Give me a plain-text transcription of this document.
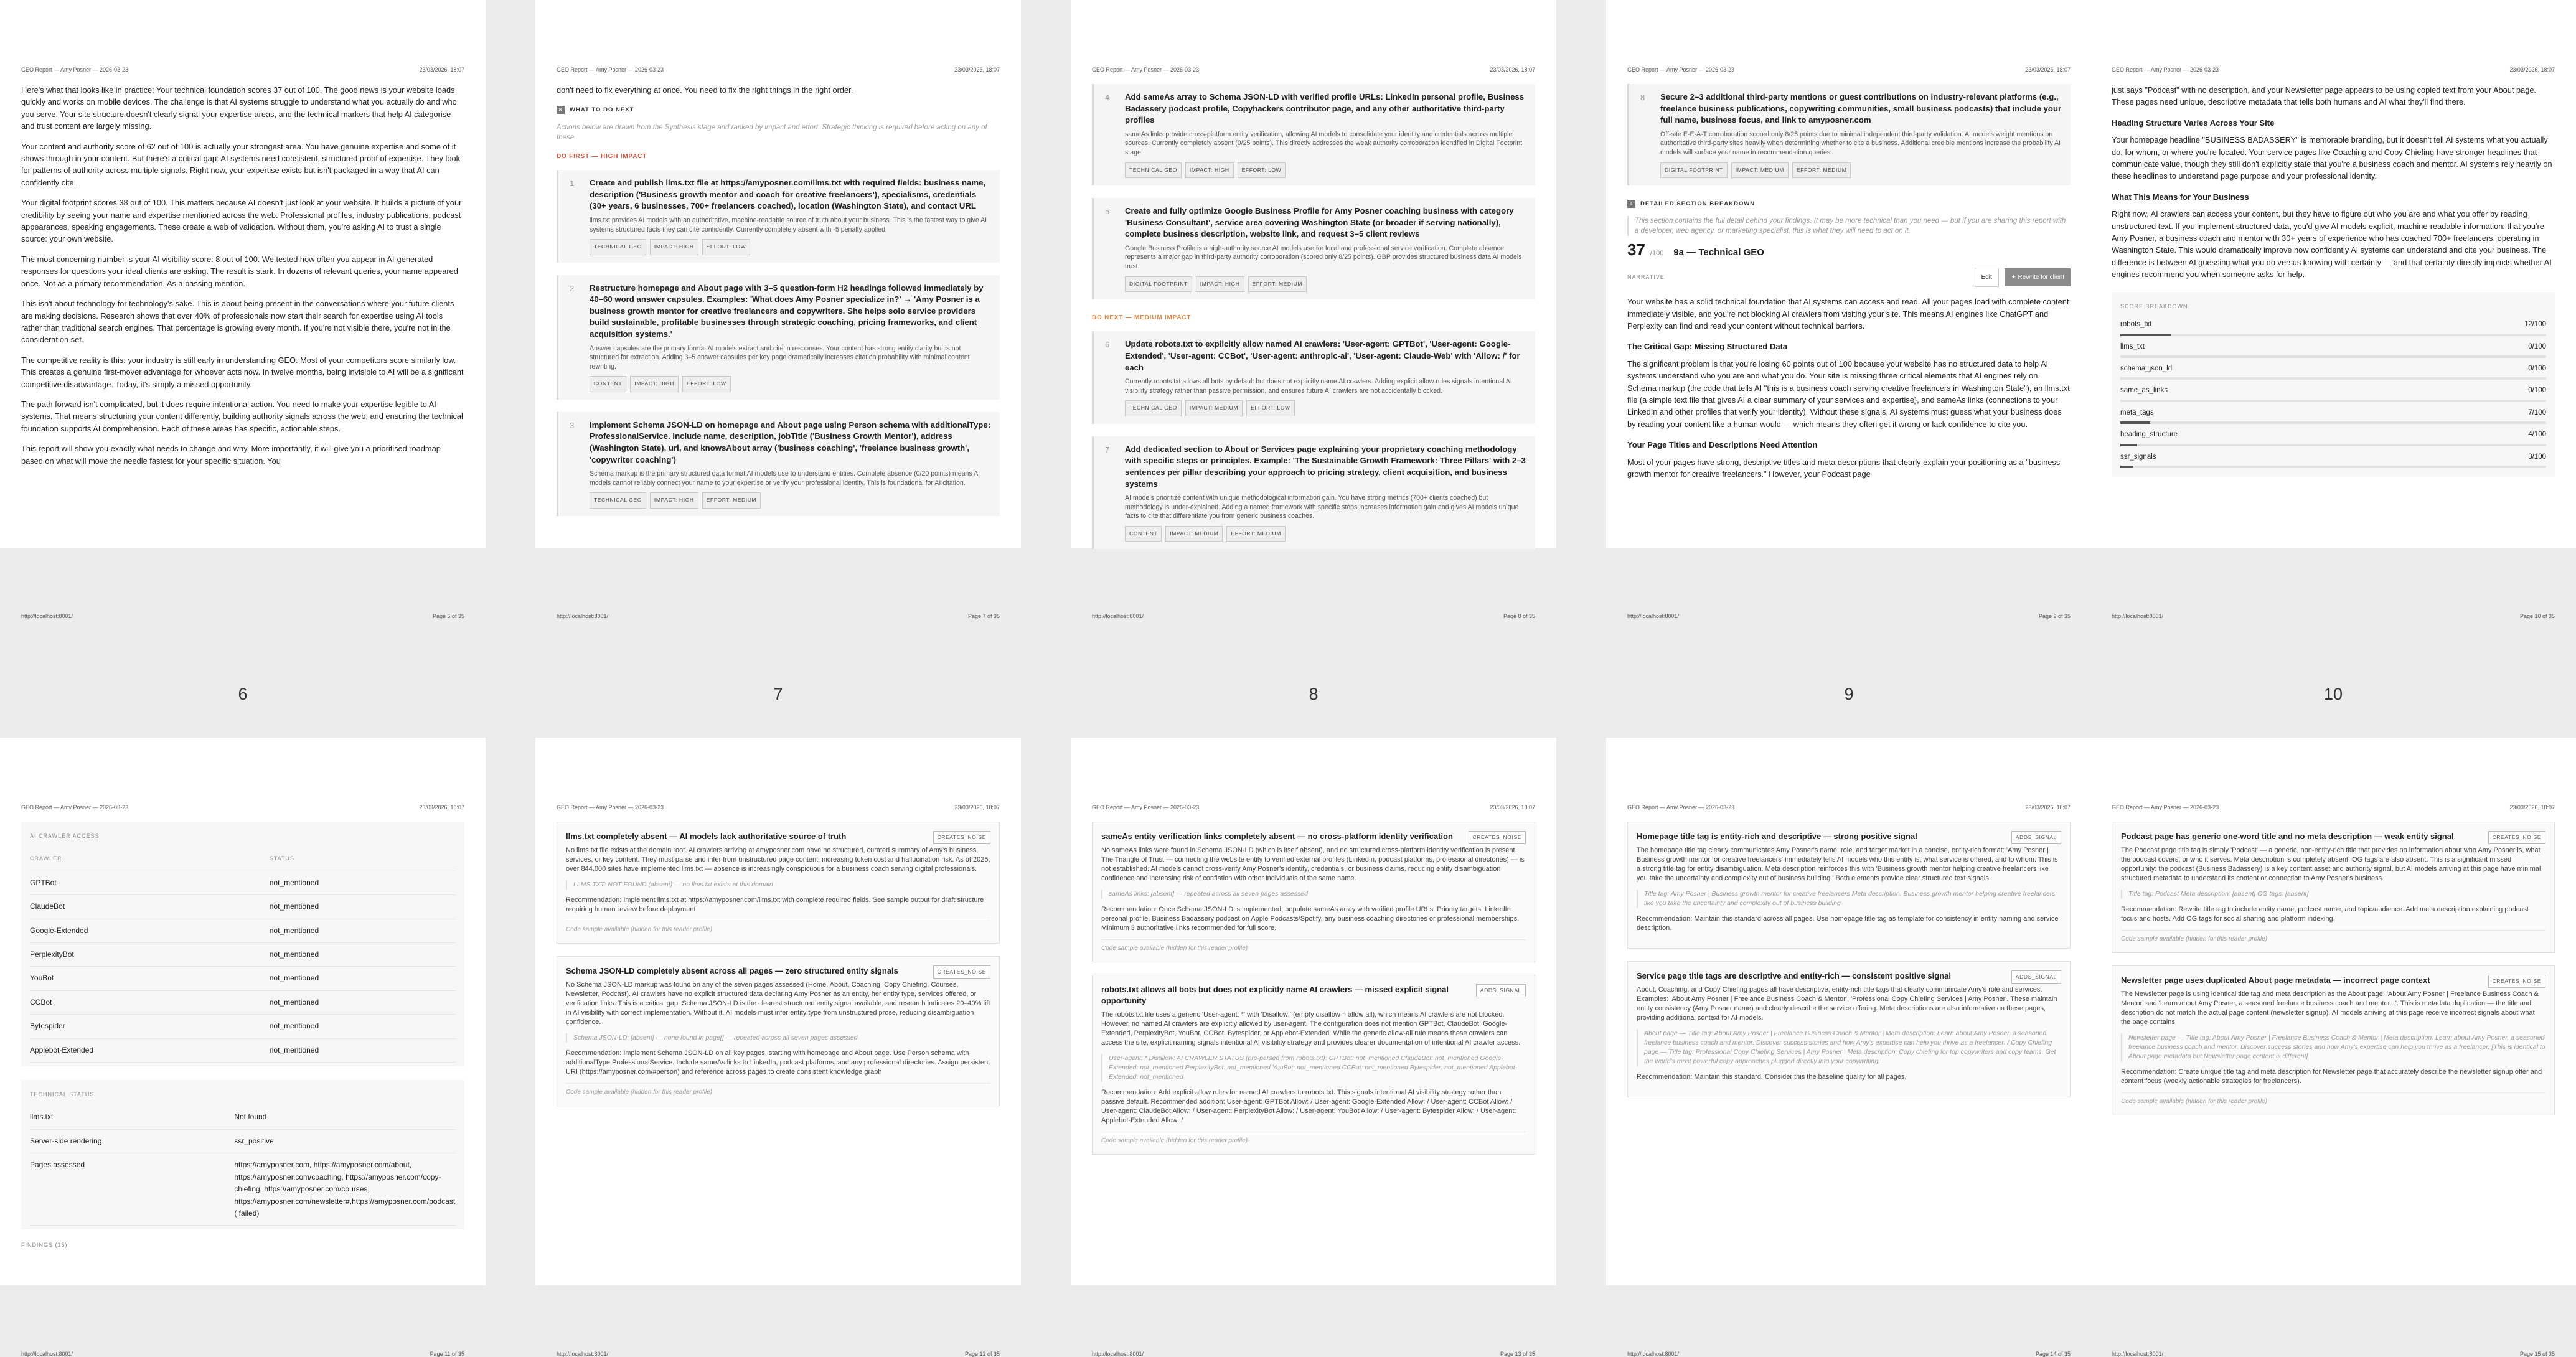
GEO Report — Amy Posner — 2026-03-23	23/03/2026, 18:07

Here's what that looks like in practice: Your technical foundation scores 37 out of 100. The good news is your website loads quickly and works on mobile devices. The challenge is that AI systems struggle to understand what you actually do and who you serve. Your site structure doesn't clearly signal your expertise areas, and the technical markers that help AI categorise and trust content are largely missing.

Your content and authority score of 62 out of 100 is actually your strongest area. You have genuine expertise and some of it shows through in your content. But there's a critical gap: AI systems need consistent, structured proof of expertise. They look for patterns of authority across multiple signals. Right now, your expertise exists but isn't packaged in a way that AI can confidently cite.

Your digital footprint scores 38 out of 100. This matters because AI doesn't just look at your website. It builds a picture of your credibility by seeing your name and expertise mentioned across the web. Professional profiles, industry publications, podcast appearances, speaking engagements. These create a web of validation. Without them, you're asking AI to trust a single source: your own website.

The most concerning number is your AI visibility score: 8 out of 100. We tested how often you appear in AI-generated responses for questions your ideal clients are asking. The result is stark. In dozens of relevant queries, your name appeared once. Not as a primary recommendation. As a passing mention.

This isn't about technology for technology's sake. This is about being present in the conversations where your future clients are making decisions. Research shows that over 40% of professionals now start their search for expertise using AI tools rather than traditional search engines. That percentage is growing every month. If you're not visible there, you're not in the consideration set.

The competitive reality is this: your industry is still early in understanding GEO. Most of your competitors score similarly low. This creates a genuine first-mover advantage for whoever acts now. In twelve months, being invisible to AI will be a significant competitive disadvantage. Today, it's simply a missed opportunity.

The path forward isn't complicated, but it does require intentional action. You need to make your expertise legible to AI systems. That means structuring your content differently, building authority signals across the web, and ensuring the technical foundation supports AI comprehension. Each of these areas has specific, actionable steps.

This report will show you exactly what needs to change and why. More importantly, it will give you a prioritised roadmap based on what will move the needle fastest for your specific situation. You

http://localhost:8001/	Page 5 of 35
6
GEO Report — Amy Posner — 2026-03-23	23/03/2026, 18:07

don't need to fix everything at once. You need to fix the right things in the right order.

8 WHAT TO DO NEXT

Actions below are drawn from the Synthesis stage and ranked by impact and effort. Strategic thinking is required before acting on any of these.

DO FIRST — HIGH IMPACT
1 Create and publish llms.txt file at https://amyposner.com/llms.txt with required fields: business name, description ('Business growth mentor and coach for creative freelancers'), specialisms, credentials (30+ years, 6 businesses, 700+ freelancers coached), location (Washington State), and contact URL
llms.txt provides AI models with an authoritative, machine-readable source of truth about your business. This is the fastest way to give AI systems structured facts they can cite confidently. Currently completely absent with -5 penalty applied.
TECHNICAL GEO IMPACT: HIGH EFFORT: LOW
2 Restructure homepage and About page with 3–5 question-form H2 headings followed immediately by 40–60 word answer capsules. Examples: 'What does Amy Posner specialize in?' → 'Amy Posner is a business growth mentor for creative freelancers and copywriters. She helps solo service providers build sustainable, profitable businesses through strategic coaching, pricing frameworks, and client acquisition systems.'
Answer capsules are the primary format AI models extract and cite in responses. Your content has strong entity clarity but is not structured for extraction. Adding 3–5 answer capsules per key page dramatically increases citation probability with minimal content rewriting.
CONTENT IMPACT: HIGH EFFORT: LOW
3 Implement Schema JSON-LD on homepage and About page using Person schema with additionalType: ProfessionalService. Include name, description, jobTitle ('Business Growth Mentor'), address (Washington State), url, and knowsAbout array ('business coaching', 'freelance business growth', 'copywriter coaching')
Schema markup is the primary structured data format AI models use to understand entities. Complete absence (0/20 points) means AI models cannot reliably connect your name to your expertise or verify your professional identity. This is foundational for AI citation.
TECHNICAL GEO IMPACT: HIGH EFFORT: MEDIUM
http://localhost:8001/	Page 7 of 35
7
GEO Report — Amy Posner — 2026-03-23	23/03/2026, 18:07
4 Add sameAs array to Schema JSON-LD with verified profile URLs: LinkedIn personal profile, Business Badassery podcast profile, Copyhackers contributor page, and any other authoritative third-party profiles
sameAs links provide cross-platform entity verification, allowing AI models to consolidate your identity and credentials across multiple sources. Currently completely absent (0/25 points). This directly addresses the weak authority corroboration identified in Digital Footprint stage.
TECHNICAL GEO IMPACT: HIGH EFFORT: LOW
5 Create and fully optimize Google Business Profile for Amy Posner coaching business with category 'Business Consultant', service area covering Washington State (or broader if serving nationally), complete business description, website link, and request 3–5 client reviews
Google Business Profile is a high-authority source AI models use for local and professional service verification. Complete absence represents a major gap in third-party authority corroboration (scored only 8/25 points). GBP provides structured business data AI models trust.
DIGITAL FOOTPRINT IMPACT: HIGH EFFORT: MEDIUM
DO NEXT — MEDIUM IMPACT
6 Update robots.txt to explicitly allow named AI crawlers: 'User-agent: GPTBot', 'User-agent: Google-Extended', 'User-agent: CCBot', 'User-agent: anthropic-ai', 'User-agent: Claude-Web' with 'Allow: /' for each
Currently robots.txt allows all bots by default but does not explicitly name AI crawlers. Adding explicit allow rules signals intentional AI visibility strategy rather than passive permission, and ensures future AI crawlers are not accidentally blocked.
TECHNICAL GEO IMPACT: MEDIUM EFFORT: LOW
7 Add dedicated section to About or Services page explaining your proprietary coaching methodology with specific steps or principles. Example: 'The Sustainable Growth Framework: Three Pillars' with 2–3 sentences per pillar describing your approach to pricing strategy, client acquisition, and business systems
AI models prioritize content with unique methodological information gain. You have strong metrics (700+ clients coached) but methodology is under-explained. Adding a named framework with specific steps increases information gain and gives AI models unique facts to cite that differentiate you from generic business coaches.
CONTENT IMPACT: MEDIUM EFFORT: MEDIUM
http://localhost:8001/	Page 8 of 35
8
GEO Report — Amy Posner — 2026-03-23	23/03/2026, 18:07
8 Secure 2–3 additional third-party mentions or guest contributions on industry-relevant platforms (e.g., freelance business publications, copywriting communities, small business podcasts) that include your full name, business focus, and link to amyposner.com
Off-site E-E-A-T corroboration scored only 8/25 points due to minimal independent third-party validation. AI models weight mentions on authoritative third-party sites heavily when determining whether to cite a business. Additional credible mentions increase the probability AI models will surface your name in recommendation queries.
DIGITAL FOOTPRINT IMPACT: MEDIUM EFFORT: MEDIUM
9 DETAILED SECTION BREAKDOWN

This section contains the full detail behind your findings. It may be more technical than you need — but if you are sharing this report with a developer, web agency, or marketing specialist, this is what they will need to act on it.

37 /100 9a — Technical GEO
NARRATIVE	Edit	✦ Rewrite for client

Your website has a solid technical foundation that AI systems can access and read. All your pages load with complete content immediately visible, and you're not blocking AI crawlers from visiting your site. This means AI engines like ChatGPT and Perplexity can find and read your content without technical barriers.

The Critical Gap: Missing Structured Data

The significant problem is that you're losing 60 points out of 100 because your website has no structured data to help AI systems understand who you are and what you do. Your site is missing three critical elements that AI engines rely on. Schema markup (the code that tells AI "this is a business coach serving creative freelancers in Washington State"), an llms.txt file (a simple text file that gives AI a clear summary of your services and expertise), and sameAs links (connections to your LinkedIn and other profiles that verify your identity). Without these signals, AI systems must guess what your business does by reading your content like a human would — which means they often get it wrong or lack confidence to cite you.

Your Page Titles and Descriptions Need Attention

Most of your pages have strong, descriptive titles and meta descriptions that clearly explain your positioning as a "business growth mentor for creative freelancers." However, your Podcast page

http://localhost:8001/	Page 9 of 35
9
GEO Report — Amy Posner — 2026-03-23	23/03/2026, 18:07

just says "Podcast" with no description, and your Newsletter page appears to be using copied text from your About page. These pages need unique, descriptive metadata that tells both humans and AI what they'll find there.

Heading Structure Varies Across Your Site

Your homepage headline "BUSINESS BADASSERY" is memorable branding, but it doesn't tell AI systems what you actually do, for whom, or where you're located. Your service pages like Coaching and Copy Chiefing have stronger headlines that communicate value, though they still don't explicitly state that you're a business coach and mentor. AI systems rely heavily on these headlines to understand page purpose and your professional identity.

What This Means for Your Business

Right now, AI crawlers can access your content, but they have to figure out who you are and what you offer by reading unstructured text. If you implement structured data, you'd give AI models explicit, machine-readable information: that you're Amy Posner, a business coach and mentor with 30+ years of experience who has coached 700+ freelancers, operating in Washington State. This would dramatically improve how confidently AI systems can understand and cite your business. The difference is between AI guessing what you do versus knowing with certainty — and that certainty directly impacts whether AI engines recommend you when someone asks for help.

SCORE BREAKDOWN
robots_txt	12/100
llms_txt	0/100
schema_json_ld	0/100
same_as_links	0/100
meta_tags	7/100
heading_structure	4/100
ssr_signals	3/100
http://localhost:8001/	Page 10 of 35
10
GEO Report — Amy Posner — 2026-03-23	23/03/2026, 18:07
AI CRAWLER ACCESS
CRAWLER	STATUS
GPTBot	not_mentioned
ClaudeBot	not_mentioned
Google-Extended	not_mentioned
PerplexityBot	not_mentioned
YouBot	not_mentioned
CCBot	not_mentioned
Bytespider	not_mentioned
Applebot-Extended	not_mentioned
TECHNICAL STATUS
llms.txt	Not found
Server-side rendering	ssr_positive
Pages assessed	https://amyposner.com, https://amyposner.com/about, https://amyposner.com/coaching, https://amyposner.com/copy-chiefing, https://amyposner.com/courses, https://amyposner.com/newsletter#,https://amyposner.com/podcast ( failed)
FINDINGS (15)
http://localhost:8001/	Page 11 of 35
GEO Report — Amy Posner — 2026-03-23	23/03/2026, 18:07
llms.txt completely absent — AI models lack authoritative source of truth	CREATES_NOISE
No llms.txt file exists at the domain root. AI crawlers arriving at amyposner.com have no structured, curated summary of Amy's business, services, or key content. They must parse and infer from unstructured page content, increasing token cost and hallucination risk. As of 2025, over 844,000 sites have implemented llms.txt — absence is increasingly conspicuous for a business coach serving digital professionals.
LLMS.TXT: NOT FOUND (absent) — no llms.txt exists at this domain
Recommendation: Implement llms.txt at https://amyposner.com/llms.txt with complete required fields. See sample output for draft structure requiring human review before deployment.
Code sample available (hidden for this reader profile)
Schema JSON-LD completely absent across all pages — zero structured entity signals	CREATES_NOISE
No Schema JSON-LD markup was found on any of the seven pages assessed (Home, About, Coaching, Copy Chiefing, Courses, Newsletter, Podcast). AI crawlers have no explicit structured data declaring Amy Posner as an entity, her entity type, services offered, or verification links. This is a critical gap: Schema JSON-LD is the clearest structured entity signal available, and research indicates 20–40% lift in AI visibility with correct implementation. Without it, AI models must infer entity type from unstructured prose, reducing disambiguation confidence.
Schema JSON-LD: [absent] — none found in page[] — repeated across all seven pages assessed
Recommendation: Implement Schema JSON-LD on all key pages, starting with homepage and About page. Use Person schema with additionalType ProfessionalService. Include sameAs links to LinkedIn, podcast platforms, and any professional directories. Assign persistent URI (https://amyposner.com/#person) and reference across pages to create consistent knowledge graph
Code sample available (hidden for this reader profile)
http://localhost:8001/	Page 12 of 35
GEO Report — Amy Posner — 2026-03-23	23/03/2026, 18:07
sameAs entity verification links completely absent — no cross-platform identity verification	CREATES_NOISE
No sameAs links were found in Schema JSON-LD (which is itself absent), and no structured cross-platform identity verification is present. The Triangle of Trust — connecting the website entity to verified external profiles (LinkedIn, podcast platforms, professional directories) — is not established. AI models cannot cross-verify Amy Posner's identity, credentials, or business claims, reducing entity disambiguation confidence and increasing risk of conflation with other individuals of the same name.
sameAs links: [absent] — repeated across all seven pages assessed
Recommendation: Once Schema JSON-LD is implemented, populate sameAs array with verified profile URLs. Priority targets: LinkedIn personal profile, Business Badassery podcast on Apple Podcasts/Spotify, any business coaching directories or professional memberships. Minimum 3 authoritative links recommended for full score.
Code sample available (hidden for this reader profile)
robots.txt allows all bots but does not explicitly name AI crawlers — missed explicit signal opportunity
ADDS_SIGNAL
The robots.txt file uses a generic 'User-agent: *' with 'Disallow:' (empty disallow = allow all), which means AI crawlers are not blocked. However, no named AI crawlers are explicitly allowed by user-agent. The configuration does not mention GPTBot, ClaudeBot, Google-Extended, PerplexityBot, YouBot, CCBot, Bytespider, or Applebot-Extended. While the generic allow-all rule means these crawlers can access the site, explicit naming signals intentional AI visibility strategy and provides clearer documentation of intentional AI crawler access.
User-agent: * Disallow: AI CRAWLER STATUS (pre-parsed from robots.txt): GPTBot: not_mentioned ClaudeBot: not_mentioned Google-Extended: not_mentioned PerplexityBot: not_mentioned YouBot: not_mentioned CCBot: not_mentioned Bytespider: not_mentioned Applebot-Extended: not_mentioned
Recommendation: Add explicit allow rules for named AI crawlers to robots.txt. This signals intentional AI visibility strategy rather than passive default. Recommended addition: User-agent: GPTBot Allow: / User-agent: Google-Extended Allow: / User-agent: CCBot Allow: / User-agent: ClaudeBot Allow: / User-agent: PerplexityBot Allow: / User-agent: YouBot Allow: / User-agent: Bytespider Allow: / User-agent: Applebot-Extended Allow: /
Code sample available (hidden for this reader profile)
http://localhost:8001/	Page 13 of 35
GEO Report — Amy Posner — 2026-03-23	23/03/2026, 18:07
Homepage title tag is entity-rich and descriptive — strong positive signal	ADDS_SIGNAL
The homepage title tag clearly communicates Amy Posner's name, role, and target market in a concise, entity-rich format: 'Amy Posner | Business growth mentor for creative freelancers' immediately tells AI models who this entity is, what service is offered, and to whom. This is a strong title tag for entity disambiguation. Meta description reinforces this with 'Business growth mentor helping creative freelancers like you take the uncertainty and complexity out of business building.' Both elements provide clear structured text signals.
Title tag: Amy Posner | Business growth mentor for creative freelancers Meta description: Business growth mentor helping creative freelancers like you take the uncertainty and complexity out of business building
Recommendation: Maintain this standard across all pages. Use homepage title tag as template for consistency in entity naming and service description.
Service page title tags are descriptive and entity-rich — consistent positive signal	ADDS_SIGNAL
About, Coaching, and Copy Chiefing pages all have descriptive, entity-rich title tags that clearly communicate Amy's role and services. Examples: 'About Amy Posner | Freelance Business Coach & Mentor', 'Professional Copy Chiefing Services | Amy Posner'. These maintain entity consistency (Amy Posner name) and clearly describe the service offering. Meta descriptions are also informative on these pages, providing additional context for AI models.
About page — Title tag: About Amy Posner | Freelance Business Coach & Mentor | Meta description: Learn about Amy Posner, a seasoned freelance business coach and mentor. Discover success stories and how Amy's expertise can help you thrive as a freelancer. / Copy Chiefing page — Title tag: Professional Copy Chiefing Services | Amy Posner | Meta description: Copy chiefing for top copywriters and copy teams. Get the world's most powerful copy approaches plugged directly into your copywriting.
Recommendation: Maintain this standard. Consider this the baseline quality for all pages.
http://localhost:8001/	Page 14 of 35
GEO Report — Amy Posner — 2026-03-23	23/03/2026, 18:07
Podcast page has generic one-word title and no meta description — weak entity signal	CREATES_NOISE
The Podcast page title tag is simply 'Podcast' — a generic, non-entity-rich title that provides no information about who Amy Posner is, what the podcast covers, or who it serves. Meta description is completely absent. OG tags are also absent. This is a significant missed opportunity: the podcast (Business Badassery) is a key content asset and authority signal, but AI models arriving at this page have minimal structured metadata to understand its content or connection to Amy Posner's business.
Title tag: Podcast Meta description: [absent] OG tags: [absent]
Recommendation: Rewrite title tag to include entity name, podcast name, and topic/audience. Add meta description explaining podcast focus and hosts. Add OG tags for social sharing and platform indexing.
Code sample available (hidden for this reader profile)
Newsletter page uses duplicated About page metadata — incorrect page context	CREATES_NOISE
The Newsletter page is using identical title tag and meta description as the About page: 'About Amy Posner | Freelance Business Coach & Mentor' and 'Learn about Amy Posner, a seasoned freelance business coach and mentor...'. This is metadata duplication — the title and description do not match the actual page content (newsletter signup). AI models arriving at this page receive incorrect signals about what the page contains.
Newsletter page — Title tag: About Amy Posner | Freelance Business Coach & Mentor | Meta description: Learn about Amy Posner, a seasoned freelance business coach and mentor. Discover success stories and how Amy's expertise can help you thrive as a freelancer. [This is identical to About page metadata but Newsletter page content is different]
Recommendation: Create unique title tag and meta description for Newsletter page that accurately describe the newsletter signup offer and content focus (weekly actionable strategies for freelancers).
Code sample available (hidden for this reader profile)
http://localhost:8001/	Page 15 of 35
